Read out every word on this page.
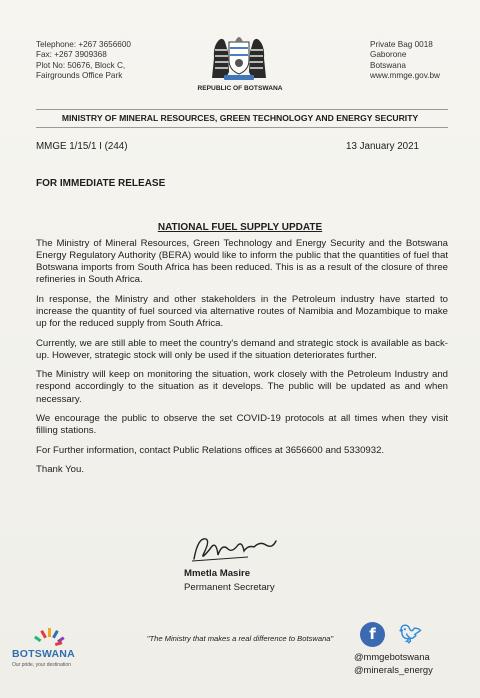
Telephone: +267 3656600
Fax: +267 3909368
Plot No: 50676, Block C,
Fairgrounds Office Park
Private Bag 0018
Gaborone
Botswana
www.mmge.gov.bw
REPUBLIC OF BOTSWANA
MINISTRY OF MINERAL RESOURCES, GREEN TECHNOLOGY AND ENERGY SECURITY
MMGE 1/15/1 I (244)	13 January 2021
FOR IMMEDIATE RELEASE
NATIONAL FUEL SUPPLY UPDATE

The Ministry of Mineral Resources, Green Technology and Energy Security and the Botswana Energy Regulatory Authority (BERA) would like to inform the public that the quantities of fuel that Botswana imports from South Africa has been reduced. This is as a result of the closure of three refineries in South Africa.

In response, the Ministry and other stakeholders in the Petroleum industry have started to increase the quantity of fuel sourced via alternative routes of Namibia and Mozambique to make up for the reduced supply from South Africa.

Currently, we are still able to meet the country's demand and strategic stock is available as back-up. However, strategic stock will only be used if the situation deteriorates further.

The Ministry will keep on monitoring the situation, work closely with the Petroleum Industry and respond accordingly to the situation as it develops. The public will be updated as and when necessary.

We encourage the public to observe the set COVID-19 protocols at all times when they visit filling stations.

For Further information, contact Public Relations offices at 3656600 and 5330932.

Thank You.

Mmetla Masire
Permanent Secretary
BOTSWANA
Our pride, your destination
"The Ministry that makes a real difference to Botswana"	f	🐦︎
@mmgebotswana
@minerals_energy
